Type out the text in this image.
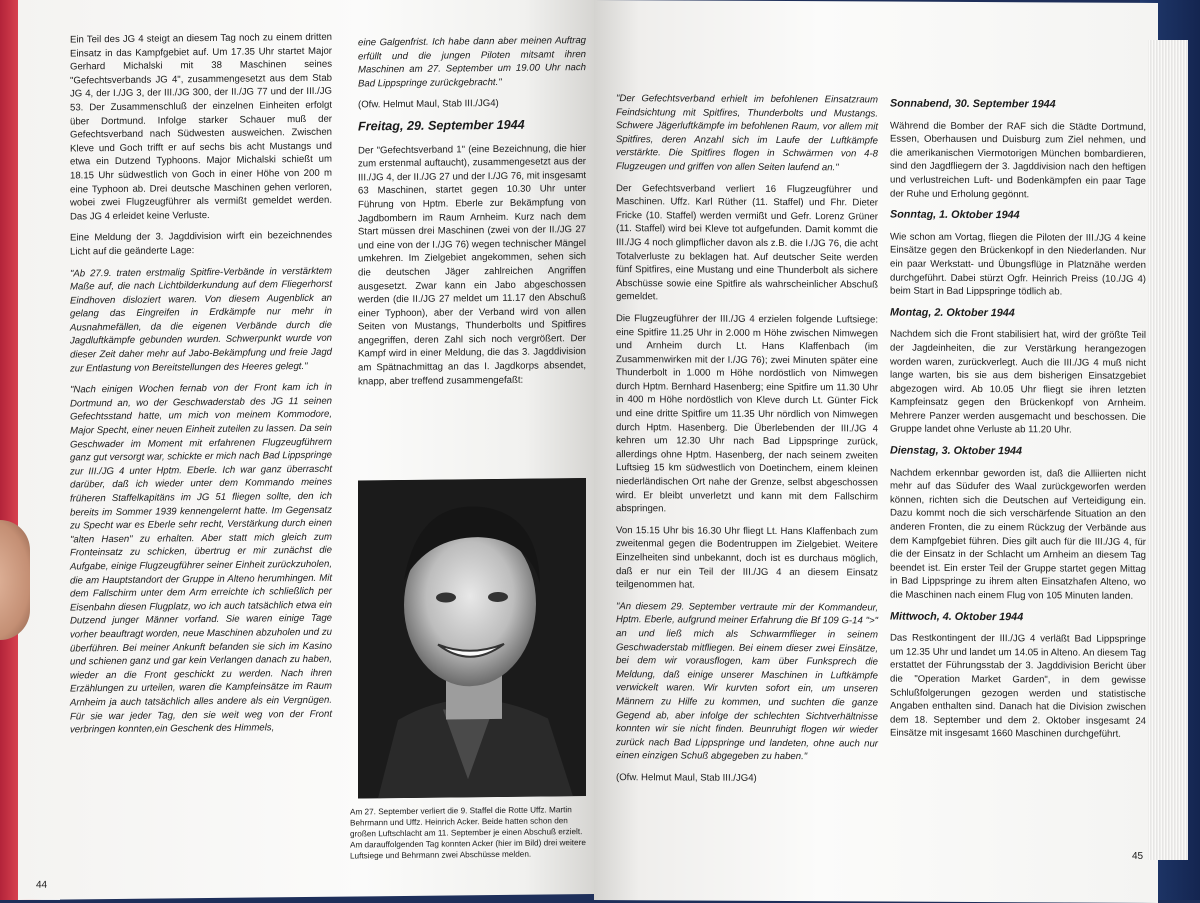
Ein Teil des JG 4 steigt an diesem Tag noch zu einem dritten Einsatz in das Kampfgebiet auf. Um 17.35 Uhr startet Major Gerhard Michalski mit 38 Maschinen seines "Gefechtsverbands JG 4", zusammengesetzt aus dem Stab JG 4, der I./JG 3, der III./JG 300, der II./JG 77 und der III./JG 53. Der Zusammenschluß der einzelnen Einheiten erfolgt über Dortmund. Infolge starker Schauer muß der Gefechtsverband nach Südwesten ausweichen. Zwischen Kleve und Goch trifft er auf sechs bis acht Mustangs und etwa ein Dutzend Typhoons. Major Michalski schießt um 18.15 Uhr südwestlich von Goch in einer Höhe von 200 m eine Typhoon ab. Drei deutsche Maschinen gehen verloren, wobei zwei Flugzeugführer als vermißt gemeldet werden. Das JG 4 erleidet keine Verluste.

Eine Meldung der 3. Jagddivision wirft ein bezeichnendes Licht auf die geänderte Lage:

"Ab 27.9. traten erstmalig Spitfire-Verbände in verstärktem Maße auf, die nach Lichtbilderkundung auf dem Fliegerhorst Eindhoven disloziert waren. Von diesem Augenblick an gelang das Eingreifen in Erdkämpfe nur mehr in Ausnahmefällen, da die eigenen Verbände durch die Jagdluftkämpfe gebunden wurden. Schwerpunkt wurde von dieser Zeit daher mehr auf Jabo-Bekämpfung und freie Jagd zur Entlastung von Bereitstellungen des Heeres gelegt."

"Nach einigen Wochen fernab von der Front kam ich in Dortmund an, wo der Geschwaderstab des JG 11 seinen Gefechtsstand hatte, um mich von meinem Kommodore, Major Specht, einer neuen Einheit zuteilen zu lassen. Da sein Geschwader im Moment mit erfahrenen Flugzeugführern ganz gut versorgt war, schickte er mich nach Bad Lippspringe zur III./JG 4 unter Hptm. Eberle. Ich war ganz überrascht darüber, daß ich wieder unter dem Kommando meines früheren Staffelkapitäns im JG 51 fliegen sollte, den ich bereits im Sommer 1939 kennengelernt hatte. Im Gegensatz zu Specht war es Eberle sehr recht, Verstärkung durch einen "alten Hasen" zu erhalten. Aber statt mich gleich zum Fronteinsatz zu schicken, übertrug er mir zunächst die Aufgabe, einige Flugzeugführer seiner Einheit zurückzuholen, die am Hauptstandort der Gruppe in Alteno herumhingen. Mit dem Fallschirm unter dem Arm erreichte ich schließlich per Eisenbahn diesen Flugplatz, wo ich auch tatsächlich etwa ein Dutzend junger Männer vorfand. Sie waren einige Tage vorher beauftragt worden, neue Maschinen abzuholen und zu überführen. Bei meiner Ankunft befanden sie sich im Kasino und schienen ganz und gar kein Verlangen danach zu haben, wieder an die Front geschickt zu werden. Nach ihren Erzählungen zu urteilen, waren die Kampfeinsätze im Raum Arnheim ja auch tatsächlich alles andere als ein Vergnügen. Für sie war jeder Tag, den sie weit weg von der Front verbringen konnten,ein Geschenk des Himmels,

eine Galgenfrist. Ich habe dann aber meinen Auftrag erfüllt und die jungen Piloten mitsamt ihren Maschinen am 27. September um 19.00 Uhr nach Bad Lippspringe zurückgebracht."

(Ofw. Helmut Maul, Stab III./JG4)

Freitag, 29. September 1944

Der "Gefechtsverband 1" (eine Bezeichnung, die hier zum erstenmal auftaucht), zusammengesetzt aus der III./JG 4, der II./JG 27 und der I./JG 76, mit insgesamt 63 Maschinen, startet gegen 10.30 Uhr unter Führung von Hptm. Eberle zur Bekämpfung von Jagdbombern im Raum Arnheim. Kurz nach dem Start müssen drei Maschinen (zwei von der II./JG 27 und eine von der I./JG 76) wegen technischer Mängel umkehren. Im Zielgebiet angekommen, sehen sich die deutschen Jäger zahlreichen Angriffen ausgesetzt. Zwar kann ein Jabo abgeschossen werden (die II./JG 27 meldet um 11.17 den Abschuß einer Typhoon), aber der Verband wird von allen Seiten von Mustangs, Thunderbolts und Spitfires angegriffen, deren Zahl sich noch vergrößert. Der Kampf wird in einer Meldung, die das 3. Jagddivision am Spätnachmittag an das I. Jagdkorps absendet, knapp, aber treffend zusammengefaßt:

Am 27. September verliert die 9. Staffel die Rotte Uffz. Martin Behrmann und Uffz. Heinrich Acker. Beide hatten schon den großen Luftschlacht am 11. September je einen Abschuß erzielt. Am darauffolgenden Tag konnten Acker (hier im Bild) drei weitere Luftsiege und Behrmann zwei Abschüsse melden.
44

"Der Gefechtsverband erhielt im befohlenen Einsatzraum Feindsichtung mit Spitfires, Thunderbolts und Mustangs. Schwere Jägerluftkämpfe im befohlenen Raum, vor allem mit Spitfires, deren Anzahl sich im Laufe der Luftkämpfe verstärkte. Die Spitfires flogen in Schwärmen von 4-8 Flugzeugen und griffen von allen Seiten laufend an."

Der Gefechtsverband verliert 16 Flugzeugführer und Maschinen. Uffz. Karl Rüther (11. Staffel) und Fhr. Dieter Fricke (10. Staffel) werden vermißt und Gefr. Lorenz Grüner (11. Staffel) wird bei Kleve tot aufgefunden. Damit kommt die III./JG 4 noch glimpflicher davon als z.B. die I./JG 76, die acht Totalverluste zu beklagen hat. Auf deutscher Seite werden fünf Spitfires, eine Mustang und eine Thunderbolt als sichere Abschüsse sowie eine Spitfire als wahrscheinlicher Abschuß gemeldet.

Die Flugzeugführer der III./JG 4 erzielen folgende Luftsiege: eine Spitfire 11.25 Uhr in 2.000 m Höhe zwischen Nimwegen und Arnheim durch Lt. Hans Klaffenbach (im Zusammenwirken mit der I./JG 76); zwei Minuten später eine Thunderbolt in 1.000 m Höhe nordöstlich von Nimwegen durch Hptm. Bernhard Hasenberg; eine Spitfire um 11.30 Uhr in 400 m Höhe nordöstlich von Kleve durch Lt. Günter Fick und eine dritte Spitfire um 11.35 Uhr nördlich von Nimwegen durch Hptm. Hasenberg. Die Überlebenden der III./JG 4 kehren um 12.30 Uhr nach Bad Lippspringe zurück, allerdings ohne Hptm. Hasenberg, der nach seinem zweiten Luftsieg 15 km südwestlich von Doetinchem, einem kleinen niederländischen Ort nahe der Grenze, selbst abgeschossen wird. Er bleibt unverletzt und kann mit dem Fallschirm abspringen.

Von 15.15 Uhr bis 16.30 Uhr fliegt Lt. Hans Klaffenbach zum zweitenmal gegen die Bodentruppen im Zielgebiet. Weitere Einzelheiten sind unbekannt, doch ist es durchaus möglich, daß er nur ein Teil der III./JG 4 an diesem Einsatz teilgenommen hat.

"An diesem 29. September vertraute mir der Kommandeur, Hptm. Eberle, aufgrund meiner Erfahrung die Bf 109 G-14 ">" an und ließ mich als Schwarmflieger in seinem Geschwaderstab mitfliegen. Bei einem dieser zwei Einsätze, bei dem wir vorausflogen, kam über Funksprech die Meldung, daß einige unserer Maschinen in Luftkämpfe verwickelt waren. Wir kurvten sofort ein, um unseren Männern zu Hilfe zu kommen, und suchten die ganze Gegend ab, aber infolge der schlechten Sichtverhältnisse konnten wir sie nicht finden. Beunruhigt flogen wir wieder zurück nach Bad Lippspringe und landeten, ohne auch nur einen einzigen Schuß abgegeben zu haben."

(Ofw. Helmut Maul, Stab III./JG4)

Sonnabend, 30. September 1944

Während die Bomber der RAF sich die Städte Dortmund, Essen, Oberhausen und Duisburg zum Ziel nehmen, und die amerikanischen Viermotorigen München bombardieren, sind den Jagdfliegern der 3. Jagddivision nach den heftigen und verlustreichen Luft- und Bodenkämpfen ein paar Tage der Ruhe und Erholung gegönnt.

Sonntag, 1. Oktober 1944

Wie schon am Vortag, fliegen die Piloten der III./JG 4 keine Einsätze gegen den Brückenkopf in den Niederlanden. Nur ein paar Werkstatt- und Übungsflüge in Platznähe werden durchgeführt. Dabei stürzt Ogfr. Heinrich Preiss (10./JG 4) beim Start in Bad Lippspringe tödlich ab.

Montag, 2. Oktober 1944

Nachdem sich die Front stabilisiert hat, wird der größte Teil der Jagdeinheiten, die zur Verstärkung herangezogen worden waren, zurückverlegt. Auch die III./JG 4 muß nicht lange warten, bis sie aus dem bisherigen Einsatzgebiet abgezogen wird. Ab 10.05 Uhr fliegt sie ihren letzten Kampfeinsatz gegen den Brückenkopf von Arnheim. Mehrere Panzer werden ausgemacht und beschossen. Die Gruppe landet ohne Verluste ab 11.20 Uhr.

Dienstag, 3. Oktober 1944

Nachdem erkennbar geworden ist, daß die Alliierten nicht mehr auf das Südufer des Waal zurückgeworfen werden können, richten sich die Deutschen auf Verteidigung ein. Dazu kommt noch die sich verschärfende Situation an den anderen Fronten, die zu einem Rückzug der Verbände aus dem Kampfgebiet führen. Dies gilt auch für die III./JG 4, für die der Einsatz in der Schlacht um Arnheim an diesem Tag beendet ist. Ein erster Teil der Gruppe startet gegen Mittag in Bad Lippspringe zu ihrem alten Einsatzhafen Alteno, wo die Maschinen nach einem Flug von 105 Minuten landen.

Mittwoch, 4. Oktober 1944

Das Restkontingent der III./JG 4 verläßt Bad Lippspringe um 12.35 Uhr und landet um 14.05 in Alteno. An diesem Tag erstattet der Führungsstab der 3. Jagddivision Bericht über die "Operation Market Garden", in dem gewisse Schlußfolgerungen gezogen werden und statistische Angaben enthalten sind. Danach hat die Division zwischen dem 18. September und dem 2. Oktober insgesamt 24 Einsätze mit insgesamt 1660 Maschinen durchgeführt.

45
